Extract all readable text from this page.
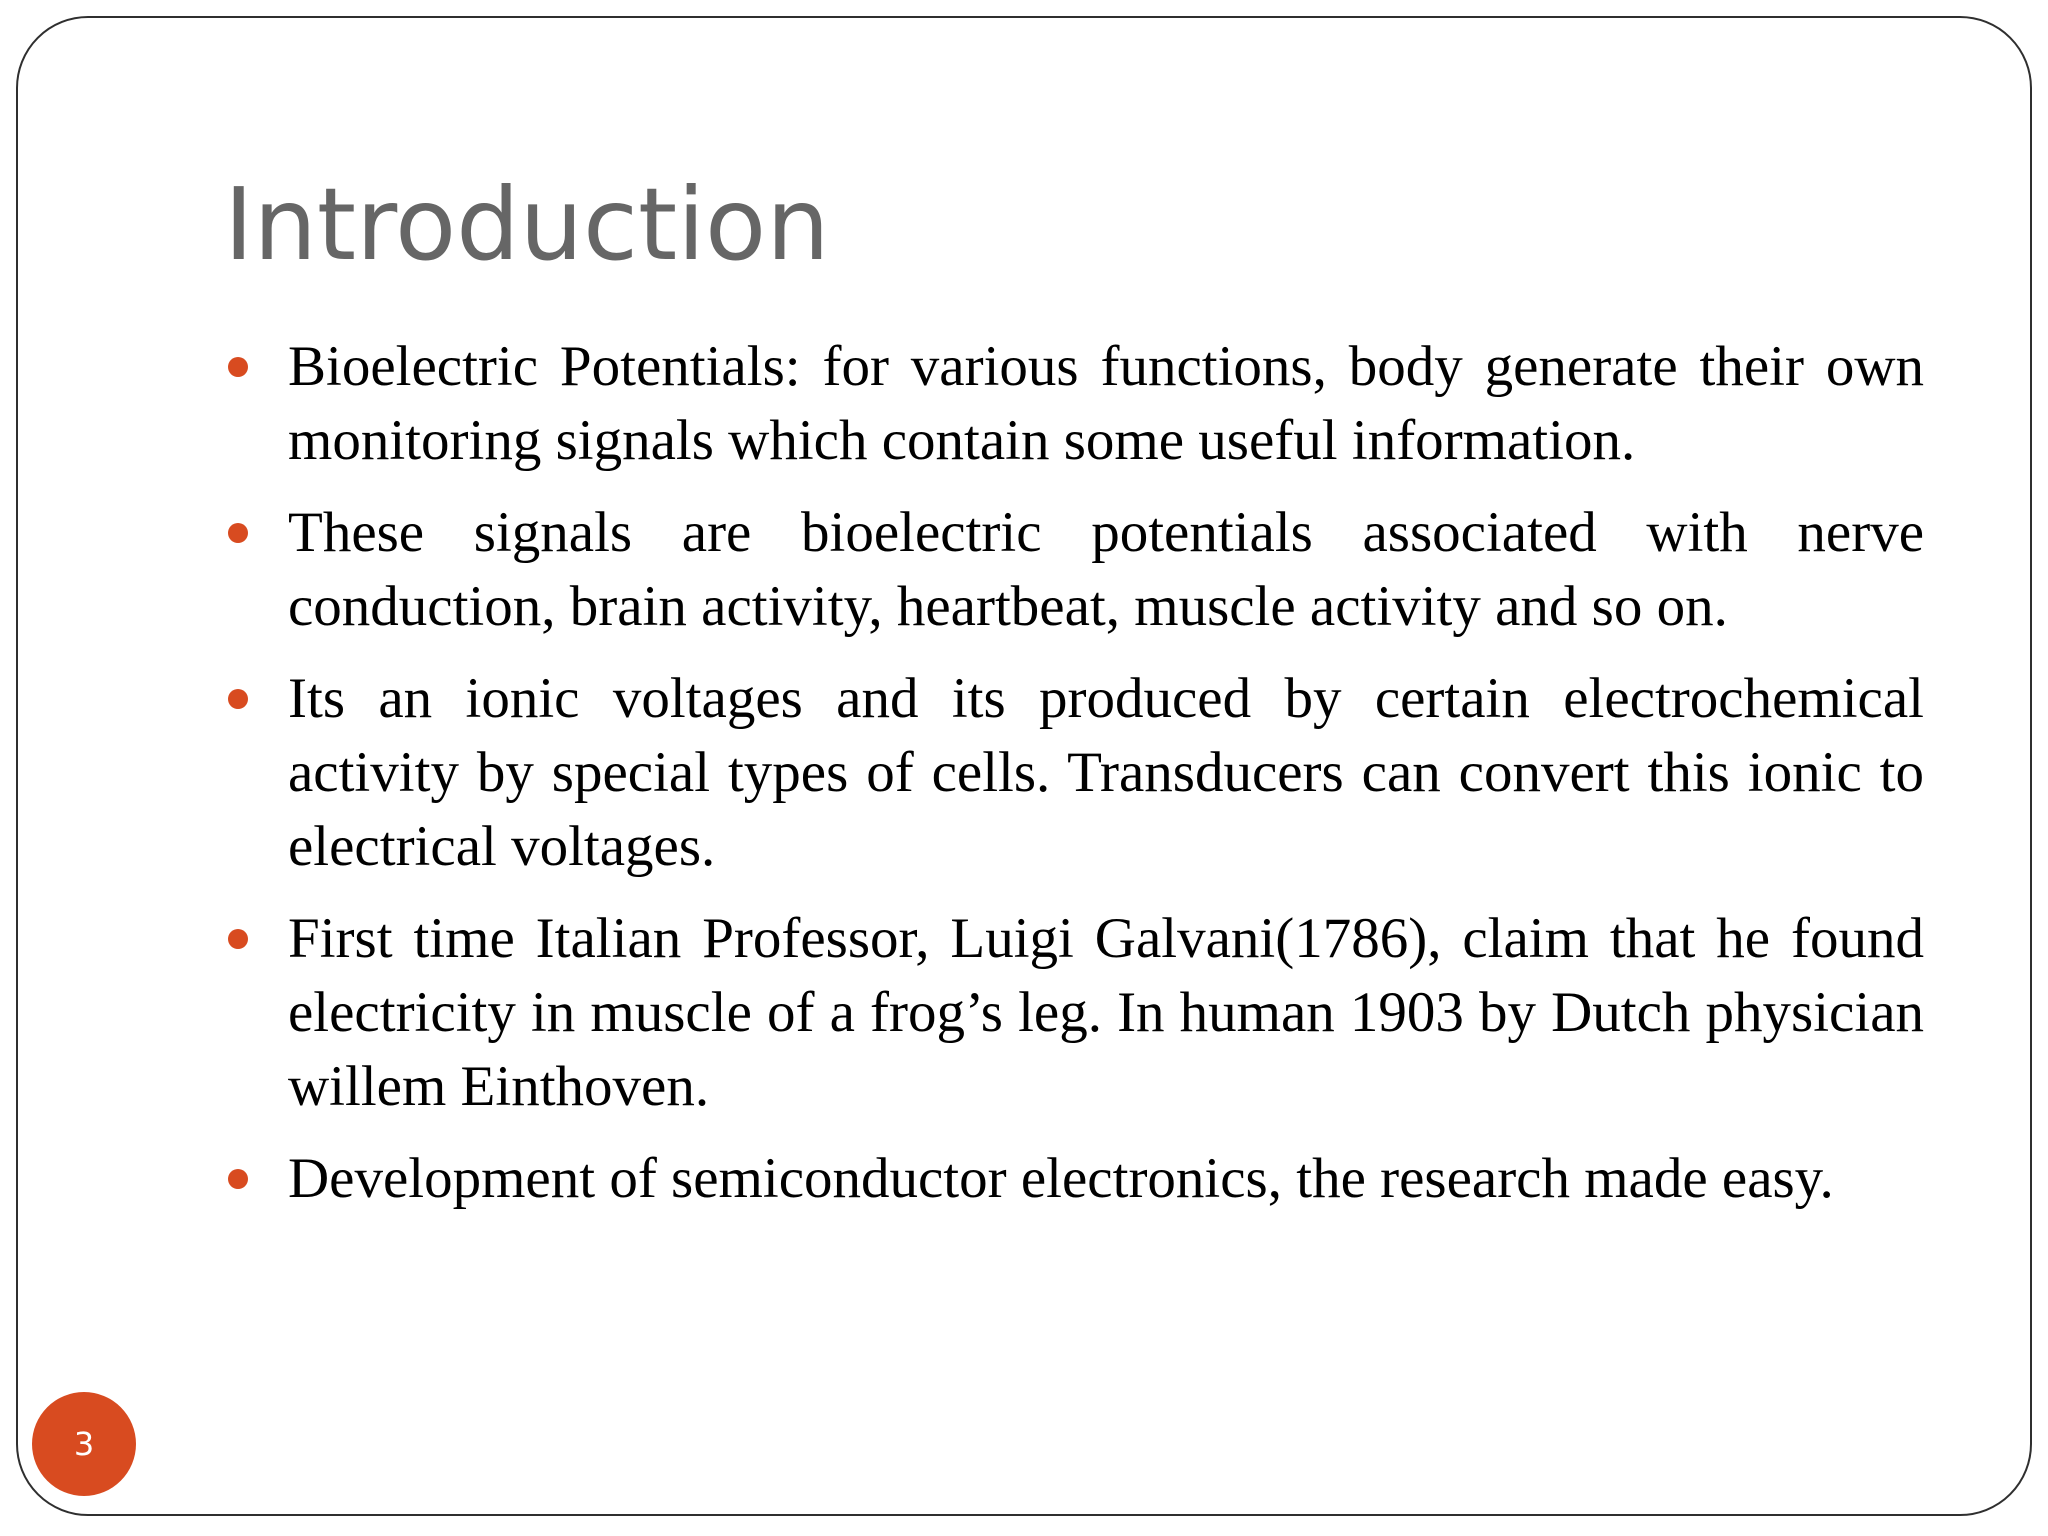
Introduction
Bioelectric Potentials: for various functions, body generate their own monitoring signals which contain some useful information.
These signals are bioelectric potentials associated with nerve conduction, brain activity, heartbeat, muscle activity and so on.
Its an ionic voltages and its produced by certain electrochemical activity by special types of cells. Transducers can convert this ionic to electrical voltages.
First time Italian Professor, Luigi Galvani(1786), claim that he found electricity in muscle of a frog’s leg. In human 1903 by Dutch physician willem Einthoven.
Development of semiconductor electronics, the research made easy.
3
